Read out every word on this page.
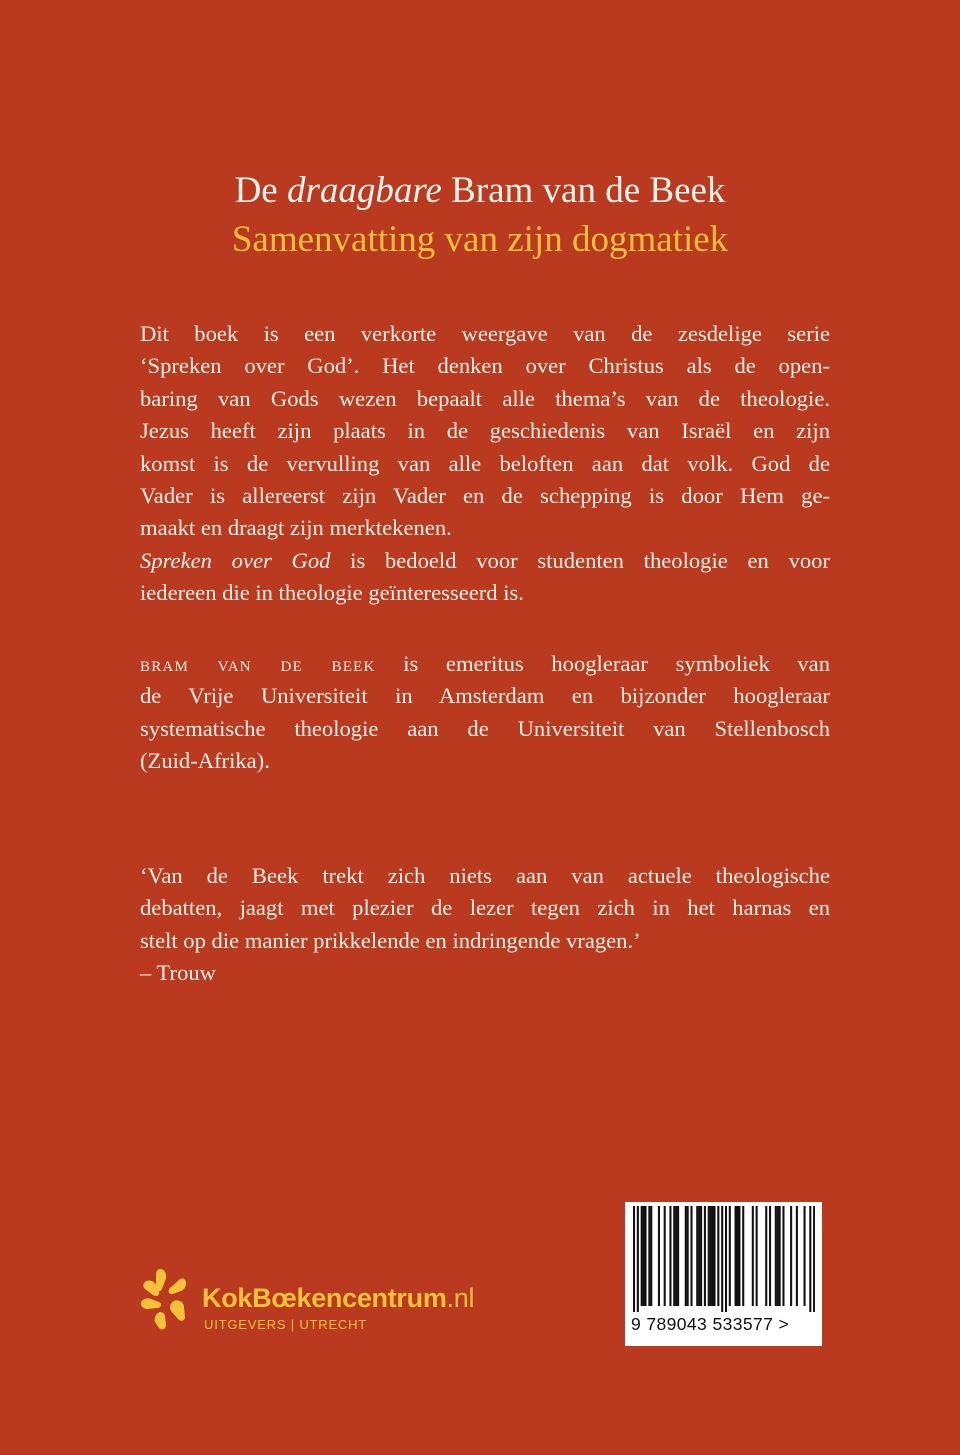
De draagbare Bram van de Beek
Samenvatting van zijn dogmatiek

Dit boek is een verkorte weergave van de zesdelige serie
‘Spreken over God’. Het denken over Christus als de open-
baring van Gods wezen bepaalt alle thema’s van de theologie.
Jezus heeft zijn plaats in de geschiedenis van Israël en zijn
komst is de vervulling van alle beloften aan dat volk. God de
Vader is allereerst zijn Vader en de schepping is door Hem ge-
maakt en draagt zijn merktekenen.
Spreken over God is bedoeld voor studenten theologie en voor
iedereen die in theologie geïnteresseerd is.

bram van de beek is emeritus hoogleraar symboliek van
de Vrije Universiteit in Amsterdam en bijzonder hoogleraar
systematische theologie aan de Universiteit van Stellenbosch
(Zuid-Afrika).

‘Van de Beek trekt zich niets aan van actuele theologische
debatten, jaagt met plezier de lezer tegen zich in het harnas en
stelt op die manier prikkelende en indringende vragen.’
– Trouw

KokBœkencentrum.nl
UITGEVERS | UTRECHT	9 789043 533577 >
